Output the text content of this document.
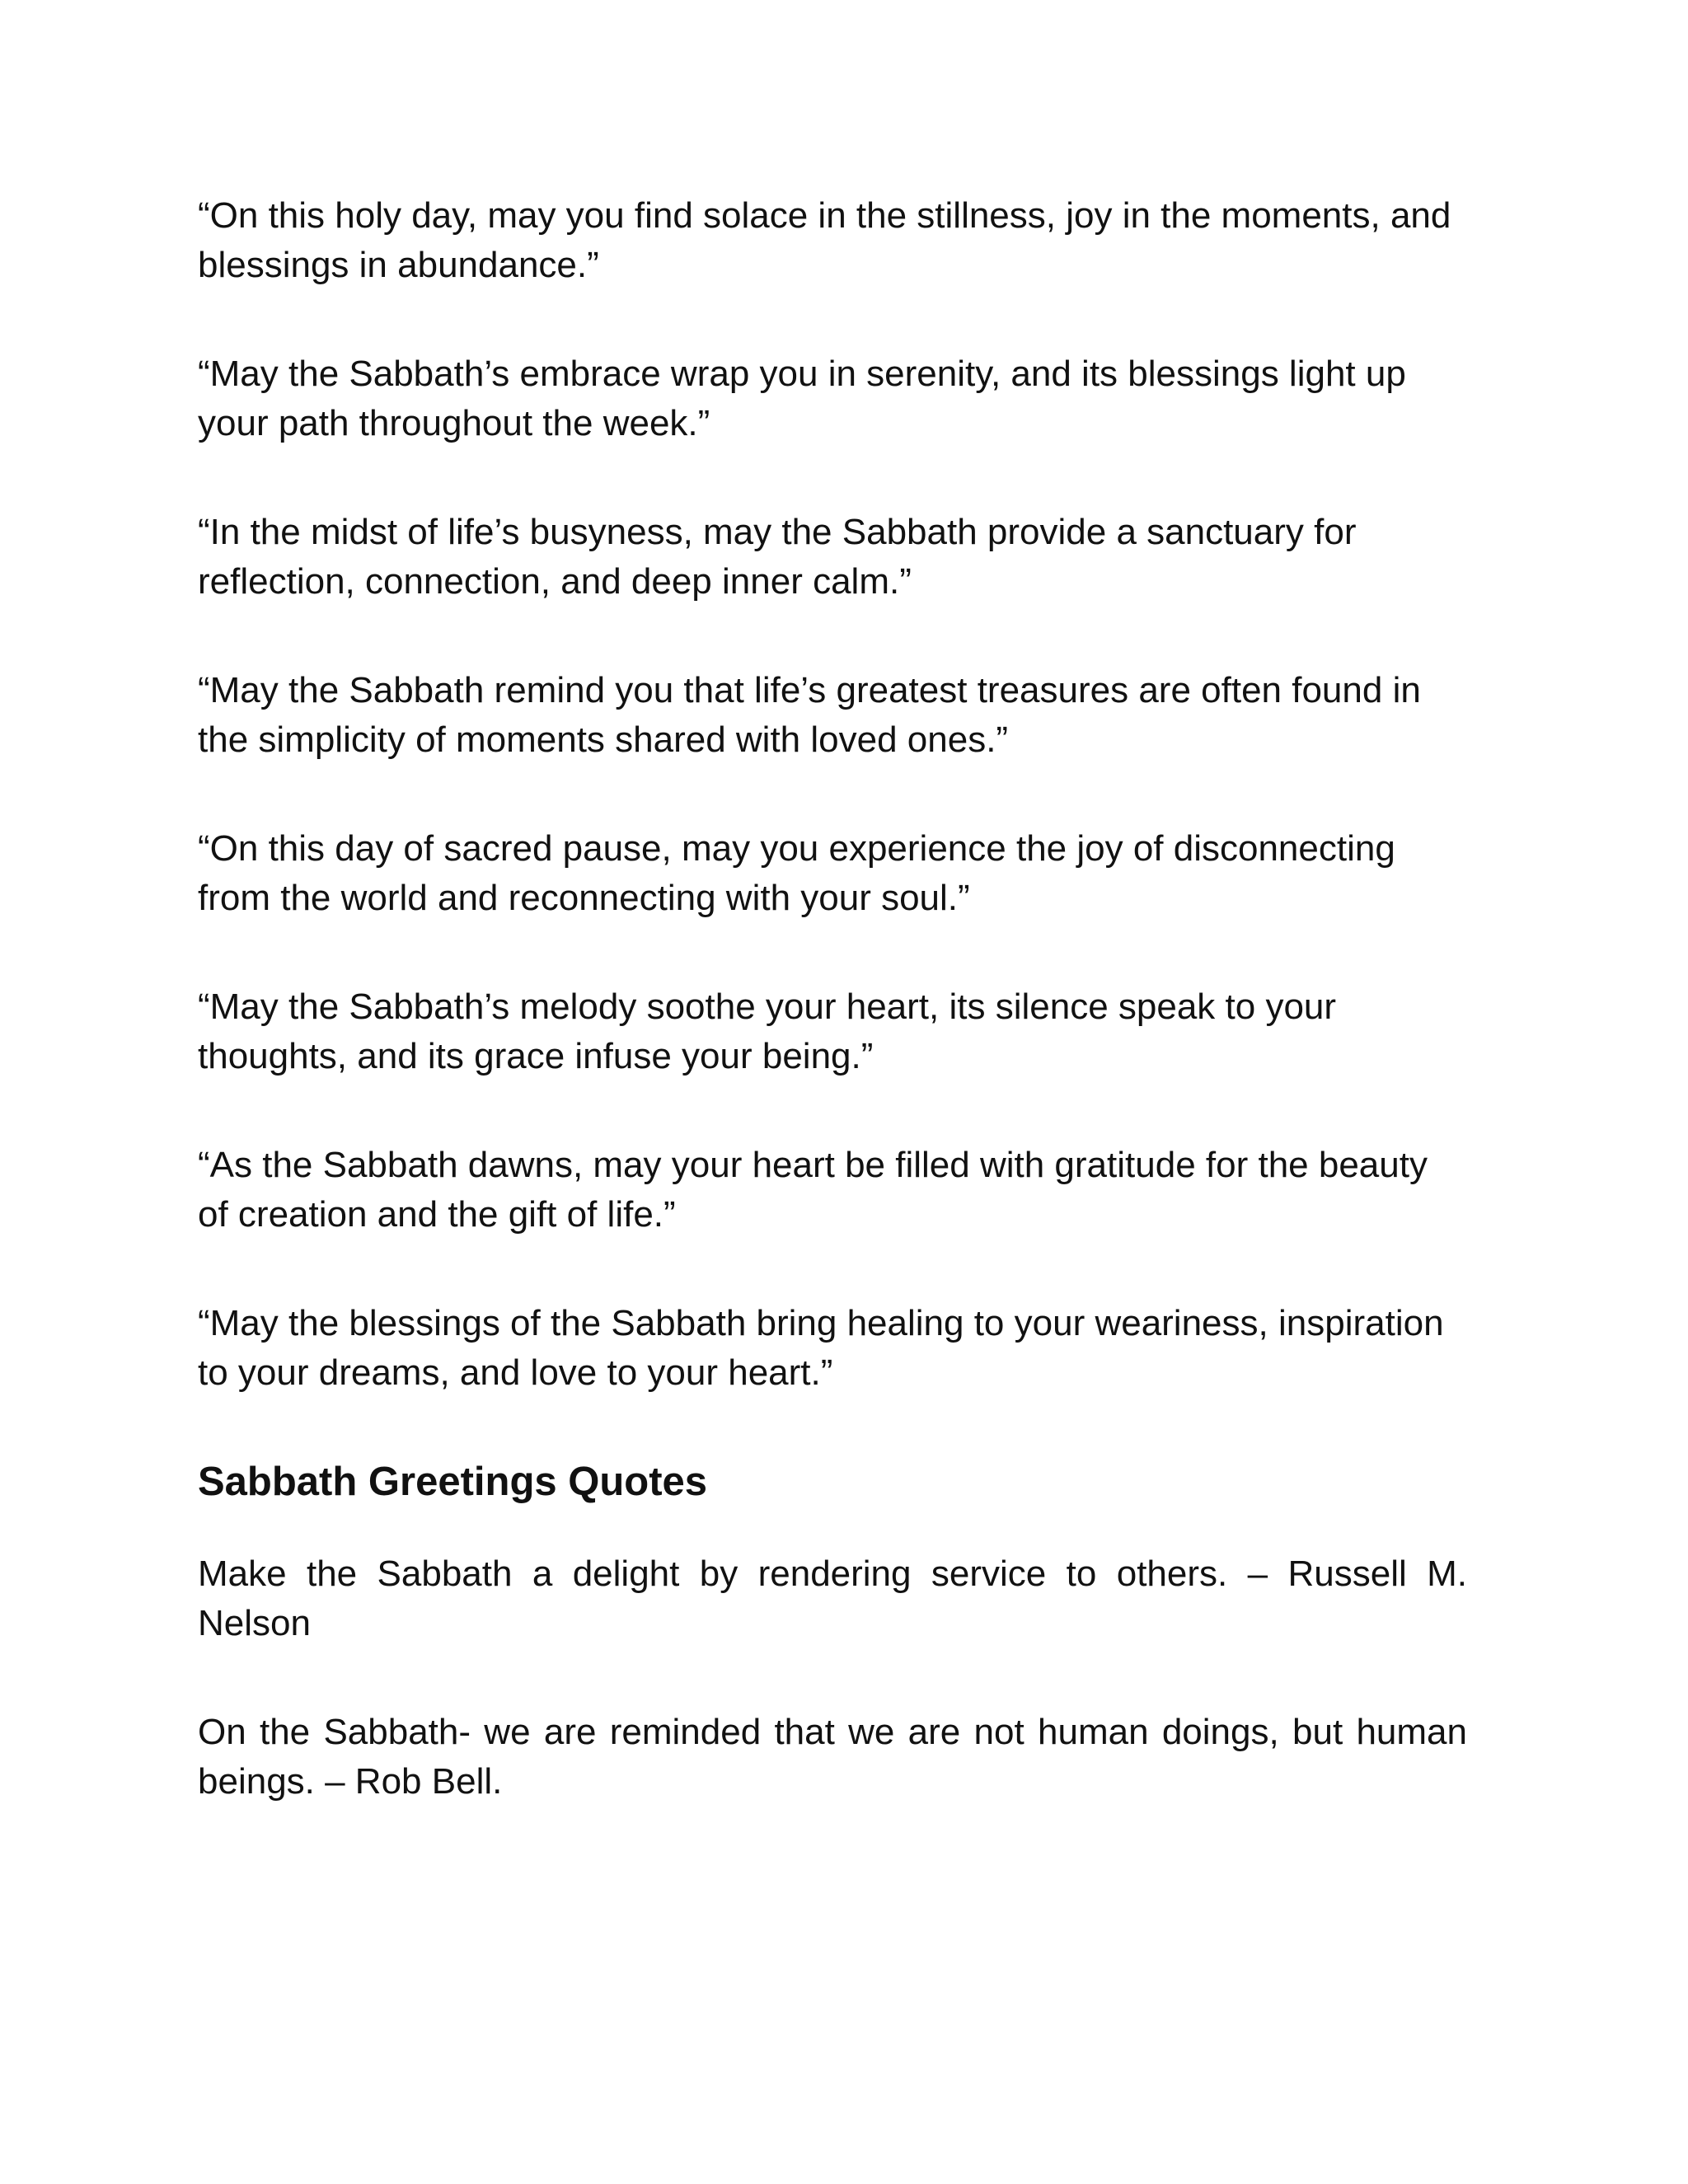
“On this holy day, may you find solace in the stillness, joy in the moments, and blessings in abundance.”

“May the Sabbath’s embrace wrap you in serenity, and its blessings light up your path throughout the week.”

“In the midst of life’s busyness, may the Sabbath provide a sanctuary for reflection, connection, and deep inner calm.”

“May the Sabbath remind you that life’s greatest treasures are often found in the simplicity of moments shared with loved ones.”

“On this day of sacred pause, may you experience the joy of disconnecting from the world and reconnecting with your soul.”

“May the Sabbath’s melody soothe your heart, its silence speak to your thoughts, and its grace infuse your being.”

“As the Sabbath dawns, may your heart be filled with gratitude for the beauty of creation and the gift of life.”

“May the blessings of the Sabbath bring healing to your weariness, inspiration to your dreams, and love to your heart.”

Sabbath Greetings Quotes

Make the Sabbath a delight by rendering service to others. – Russell M. Nelson

On the Sabbath- we are reminded that we are not human doings, but human beings. – Rob Bell.
